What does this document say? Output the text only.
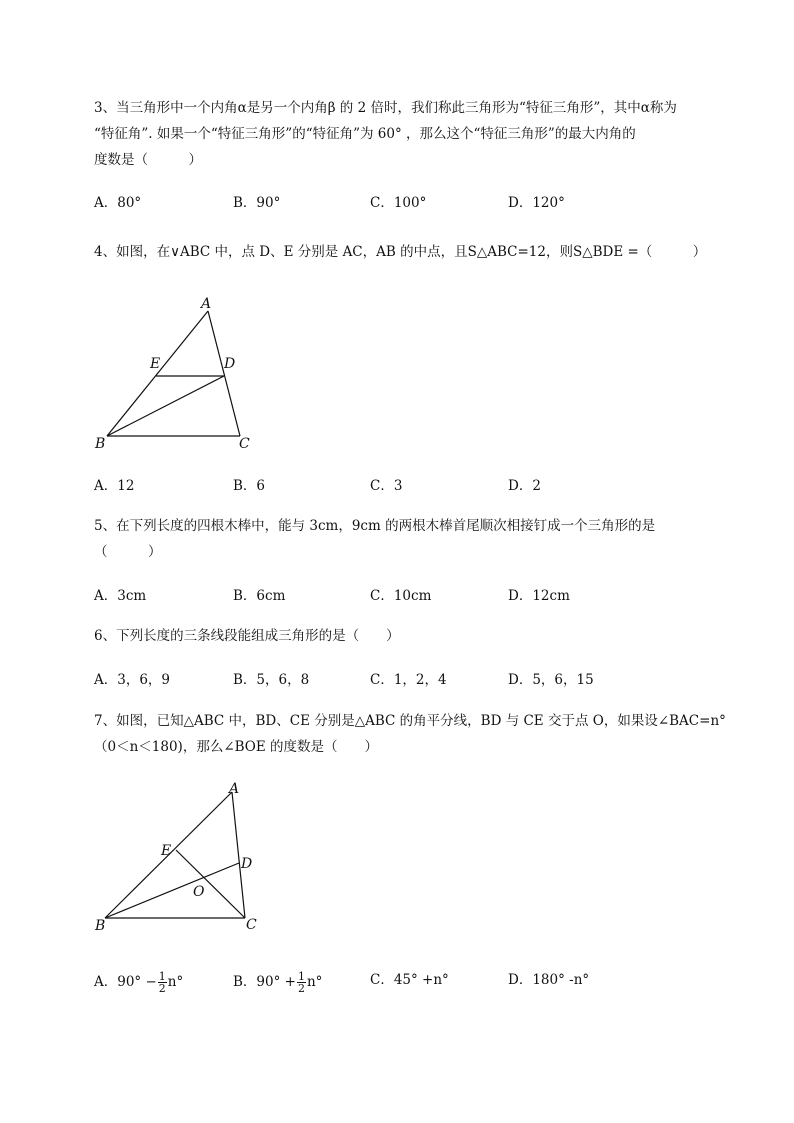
3、当三角形中一个内角α是另一个内角β 的 2 倍时，我们称此三角形为“特征三角形”，其中α称为
“特征角”. 如果一个“特征三角形”的“特征角”为 60° ，那么这个“特征三角形”的最大内角的
度数是（　　　）
A．80°	B．90°	C．100°	D．120°
4、如图，在∨ABC 中，点 D、E 分别是 AC，AB 的中点，且S△ABC=12，则S△BDE =（　　　）
A
E	D
B	C
A．12	B．6	C．3	D．2
5、在下列长度的四根木棒中，能与 3cm，9cm 的两根木棒首尾顺次相接钉成一个三角形的是
（　　　）
A．3cm	B．6cm	C．10cm	D．12cm
6、下列长度的三条线段能组成三角形的是（　　）
A．3，6，9	B．5，6，8	C．1，2，4	D．5，6，15
7、如图，已知△ABC 中，BD、CE 分别是△ABC 的角平分线，BD 与 CE 交于点 O，如果设∠BAC=n°
（0＜n＜180)，那么∠BOE 的度数是（　　）
A
E
D
O
B	C
A．$90^\circ - \frac{1}{2} n^\circ$	B．$90^\circ + \frac{1}{2} n^\circ$	C．45° +n°	D．180° -n°
